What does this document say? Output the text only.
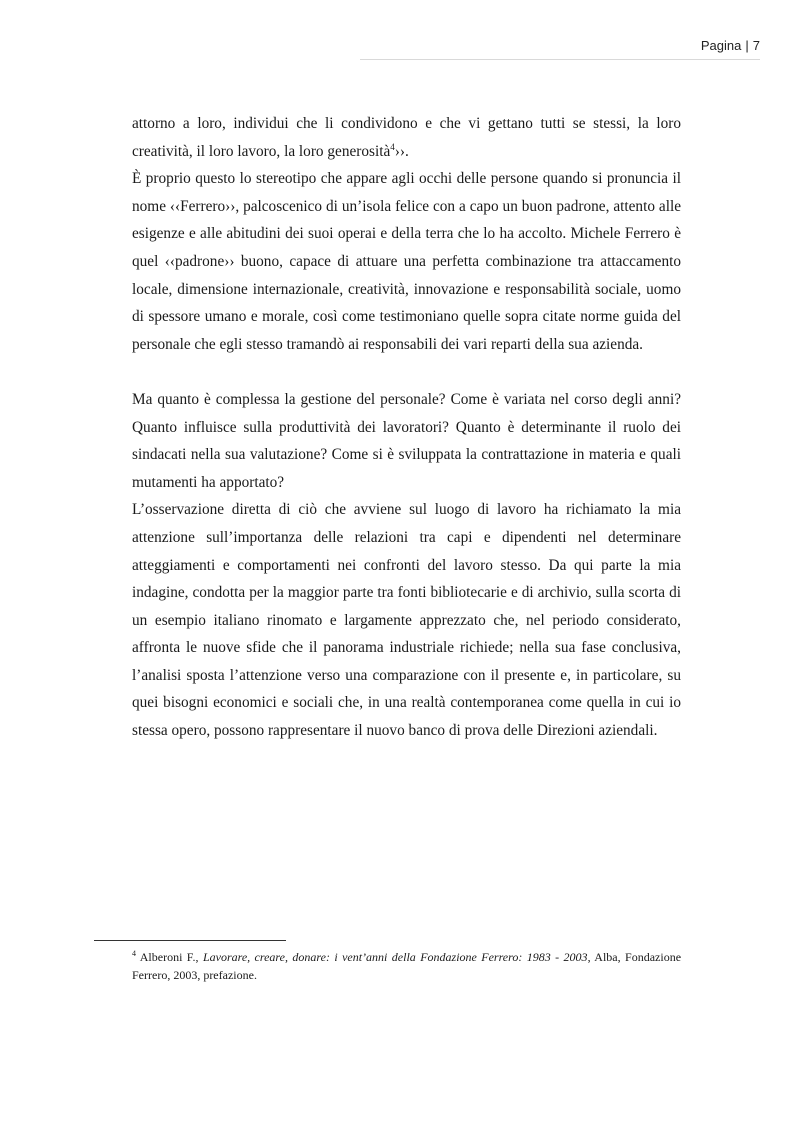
Pagina | 7

attorno a loro, individui che li condividono e che vi gettano tutti se stessi, la loro creatività, il loro lavoro, la loro generosità$^4$››.

È proprio questo lo stereotipo che appare agli occhi delle persone quando si pronuncia il nome ‹‹Ferrero››, palcoscenico di un’isola felice con a capo un buon padrone, attento alle esigenze e alle abitudini dei suoi operai e della terra che lo ha accolto. Michele Ferrero è quel ‹‹padrone›› buono, capace di attuare una perfetta combinazione tra attaccamento locale, dimensione internazionale, creatività, innovazione e responsabilità sociale, uomo di spessore umano e morale, così come testimoniano quelle sopra citate norme guida del personale che egli stesso tramandò ai responsabili dei vari reparti della sua azienda.

Ma quanto è complessa la gestione del personale? Come è variata nel corso degli anni? Quanto influisce sulla produttività dei lavoratori? Quanto è determinante il ruolo dei sindacati nella sua valutazione? Come si è sviluppata la contrattazione in materia e quali mutamenti ha apportato?

L’osservazione diretta di ciò che avviene sul luogo di lavoro ha richiamato la mia attenzione sull’importanza delle relazioni tra capi e dipendenti nel determinare atteggiamenti e comportamenti nei confronti del lavoro stesso. Da qui parte la mia indagine, condotta per la maggior parte tra fonti bibliotecarie e di archivio, sulla scorta di un esempio italiano rinomato e largamente apprezzato che, nel periodo considerato, affronta le nuove sfide che il panorama industriale richiede; nella sua fase conclusiva, l’analisi sposta l’attenzione verso una comparazione con il presente e, in particolare, su quei bisogni economici e sociali che, in una realtà contemporanea come quella in cui io stessa opero, possono rappresentare il nuovo banco di prova delle Direzioni aziendali.

$^4$ Alberoni F., Lavorare, creare, donare: i vent’anni della Fondazione Ferrero: 1983 - 2003, Alba, Fondazione Ferrero, 2003, prefazione.
